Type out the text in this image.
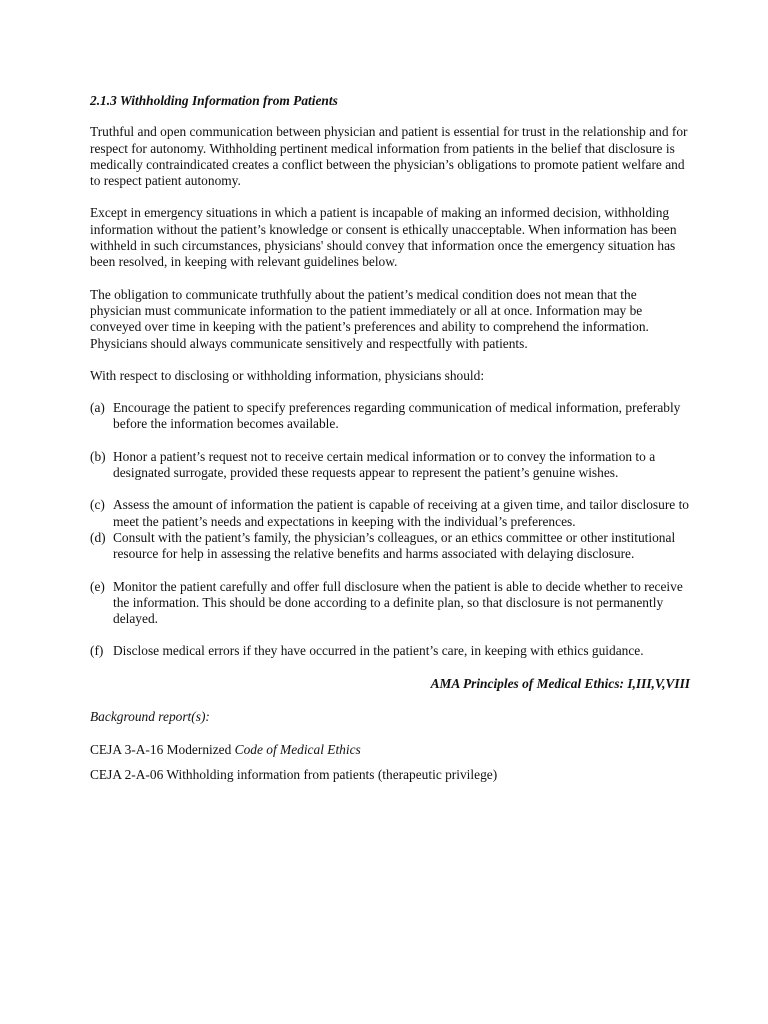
2.1.3 Withholding Information from Patients

Truthful and open communication between physician and patient is essential for trust in the relationship and for respect for autonomy. Withholding pertinent medical information from patients in the belief that disclosure is medically contraindicated creates a conflict between the physician’s obligations to promote patient welfare and to respect patient autonomy.

Except in emergency situations in which a patient is incapable of making an informed decision, withholding information without the patient’s knowledge or consent is ethically unacceptable. When information has been withheld in such circumstances, physicians' should convey that information once the emergency situation has been resolved, in keeping with relevant guidelines below.

The obligation to communicate truthfully about the patient’s medical condition does not mean that the physician must communicate information to the patient immediately or all at once. Information may be conveyed over time in keeping with the patient’s preferences and ability to comprehend the information. Physicians should always communicate sensitively and respectfully with patients.

With respect to disclosing or withholding information, physicians should:

(a) Encourage the patient to specify preferences regarding communication of medical information, preferably before the information becomes available.
(b) Honor a patient’s request not to receive certain medical information or to convey the information to a designated surrogate, provided these requests appear to represent the patient’s genuine wishes.
(c) Assess the amount of information the patient is capable of receiving at a given time, and tailor disclosure to meet the patient’s needs and expectations in keeping with the individual’s preferences.
(d) Consult with the patient’s family, the physician’s colleagues, or an ethics committee or other institutional resource for help in assessing the relative benefits and harms associated with delaying disclosure.
(e) Monitor the patient carefully and offer full disclosure when the patient is able to decide whether to receive the information. This should be done according to a definite plan, so that disclosure is not permanently delayed.
(f) Disclose medical errors if they have occurred in the patient’s care, in keeping with ethics guidance.

AMA Principles of Medical Ethics: I,III,V,VIII

Background report(s):

CEJA 3-A-16 Modernized Code of Medical Ethics

CEJA 2-A-06 Withholding information from patients (therapeutic privilege)
